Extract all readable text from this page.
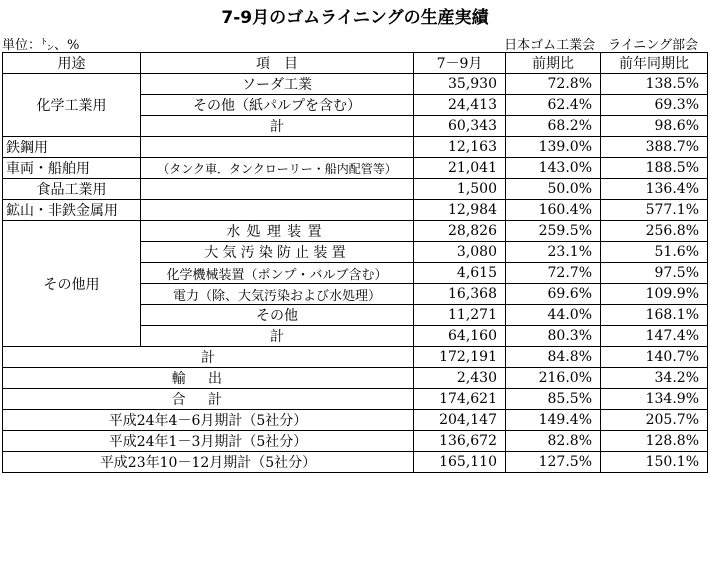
7-9月のゴムライニングの生産実績
単位：㌧、%	日本ゴム工業会　ライニング部会
用途	項　目	7－9月	前期比	前年同期比
化学工業用	ソーダ工業	35,930	72.8%	138.5%
	その他（紙パルプを含む）	24,413	62.4%	69.3%
	計	60,343	68.2%	98.6%
鉄鋼用		12,163	139.0%	388.7%
車両・船舶用	（タンク車．タンクローリー・船内配管等）	21,041	143.0%	188.5%
食品工業用		1,500	50.0%	136.4%
鉱山・非鉄金属用		12,984	160.4%	577.1%
その他用	水処理装置	28,826	259.5%	256.8%
	大気汚染防止装置	3,080	23.1%	51.6%
	化学機械装置（ポンプ・バルブ含む）	4,615	72.7%	97.5%
	電力（除、大気汚染および水処理）	16,368	69.6%	109.9%
	その他	11,271	44.0%	168.1%
	計	64,160	80.3%	147.4%
計		172,191	84.8%	140.7%
輸出		2,430	216.0%	34.2%
合計		174,621	85.5%	134.9%
平成24年4－6月期計（5社分）		204,147	149.4%	205.7%
平成24年1－3月期計（5社分）		136,672	82.8%	128.8%
平成23年10－12月期計（5社分）		165,110	127.5%	150.1%
